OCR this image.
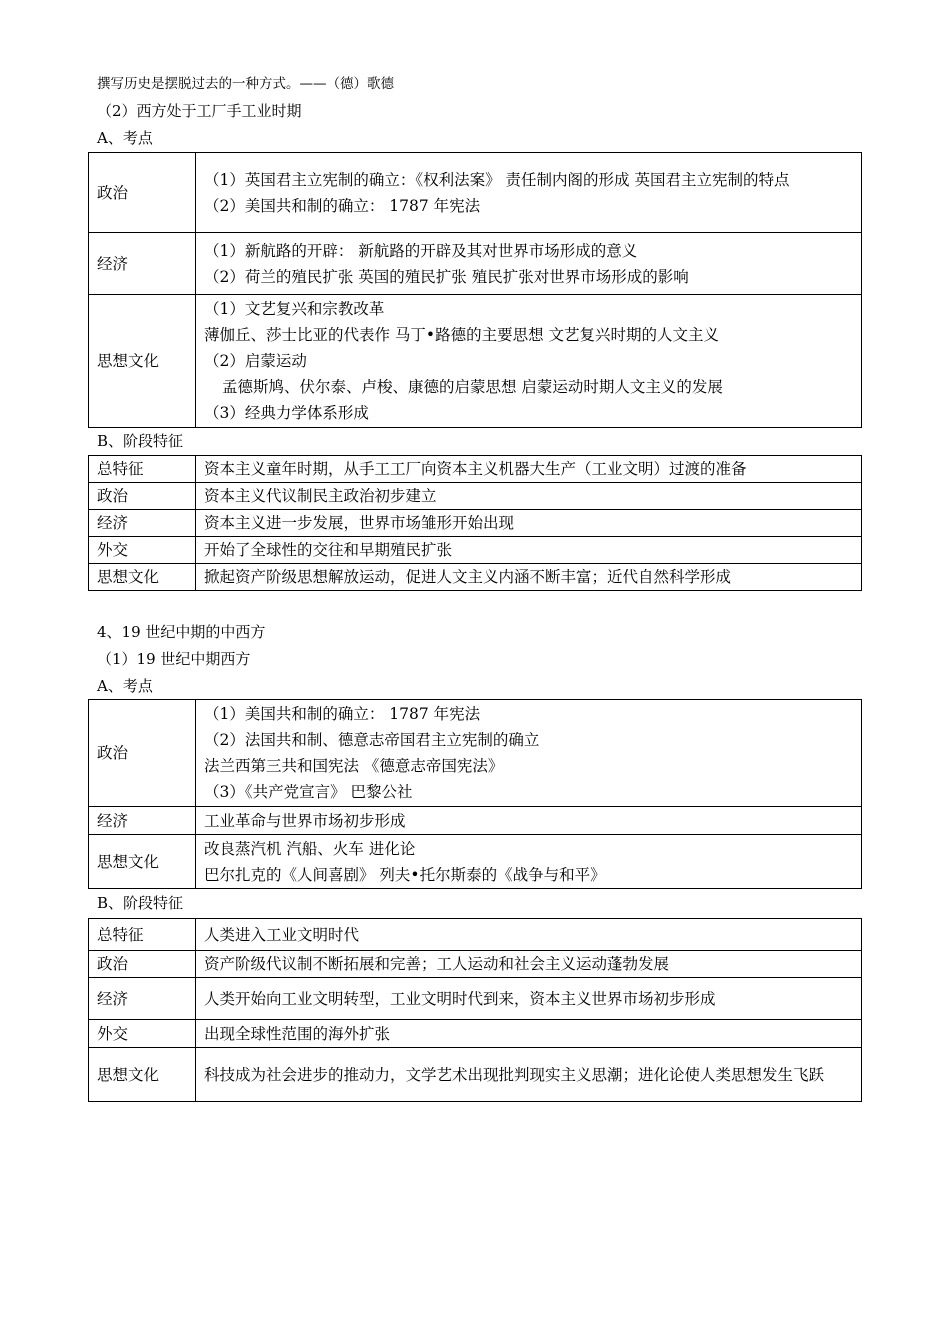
撰写历史是摆脱过去的一种方式。——（德）歌德
（2）西方处于工厂手工业时期
A、考点
政治	（1）英国君主立宪制的确立：《权利法案》 责任制内阁的形成 英国君主立宪制的特点
（2）美国共和制的确立： 1787 年宪法

经济	（1）新航路的开辟： 新航路的开辟及其对世界市场形成的意义
（2）荷兰的殖民扩张 英国的殖民扩张 殖民扩张对世界市场形成的影响

思想文化	（1）文艺复兴和宗教改革
薄伽丘、莎士比亚的代表作 马丁•路德的主要思想 文艺复兴时期的人文主义
（2）启蒙运动
孟德斯鸠、伏尔泰、卢梭、康德的启蒙思想 启蒙运动时期人文主义的发展
（3）经典力学体系形成
B、阶段特征
总特征	资本主义童年时期，从手工工厂向资本主义机器大生产（工业文明）过渡的准备
政治	资本主义代议制民主政治初步建立
经济	资本主义进一步发展，世界市场雏形开始出现
外交	开始了全球性的交往和早期殖民扩张
思想文化	掀起资产阶级思想解放运动，促进人文主义内涵不断丰富；近代自然科学形成
4、19 世纪中期的中西方
（1）19 世纪中期西方
A、考点
政治	（1）美国共和制的确立： 1787 年宪法
（2）法国共和制、德意志帝国君主立宪制的确立
法兰西第三共和国宪法 《德意志帝国宪法》
（3）《共产党宣言》 巴黎公社

经济	工业革命与世界市场初步形成

思想文化	改良蒸汽机 汽船、火车 进化论
巴尔扎克的《人间喜剧》 列夫•托尔斯泰的《战争与和平》
B、阶段特征
总特征	人类进入工业文明时代
政治	资产阶级代议制不断拓展和完善；工人运动和社会主义运动蓬勃发展
经济	人类开始向工业文明转型，工业文明时代到来，资本主义世界市场初步形成
外交	出现全球性范围的海外扩张
思想文化	科技成为社会进步的推动力，文学艺术出现批判现实主义思潮；进化论使人类思想发生飞跃
